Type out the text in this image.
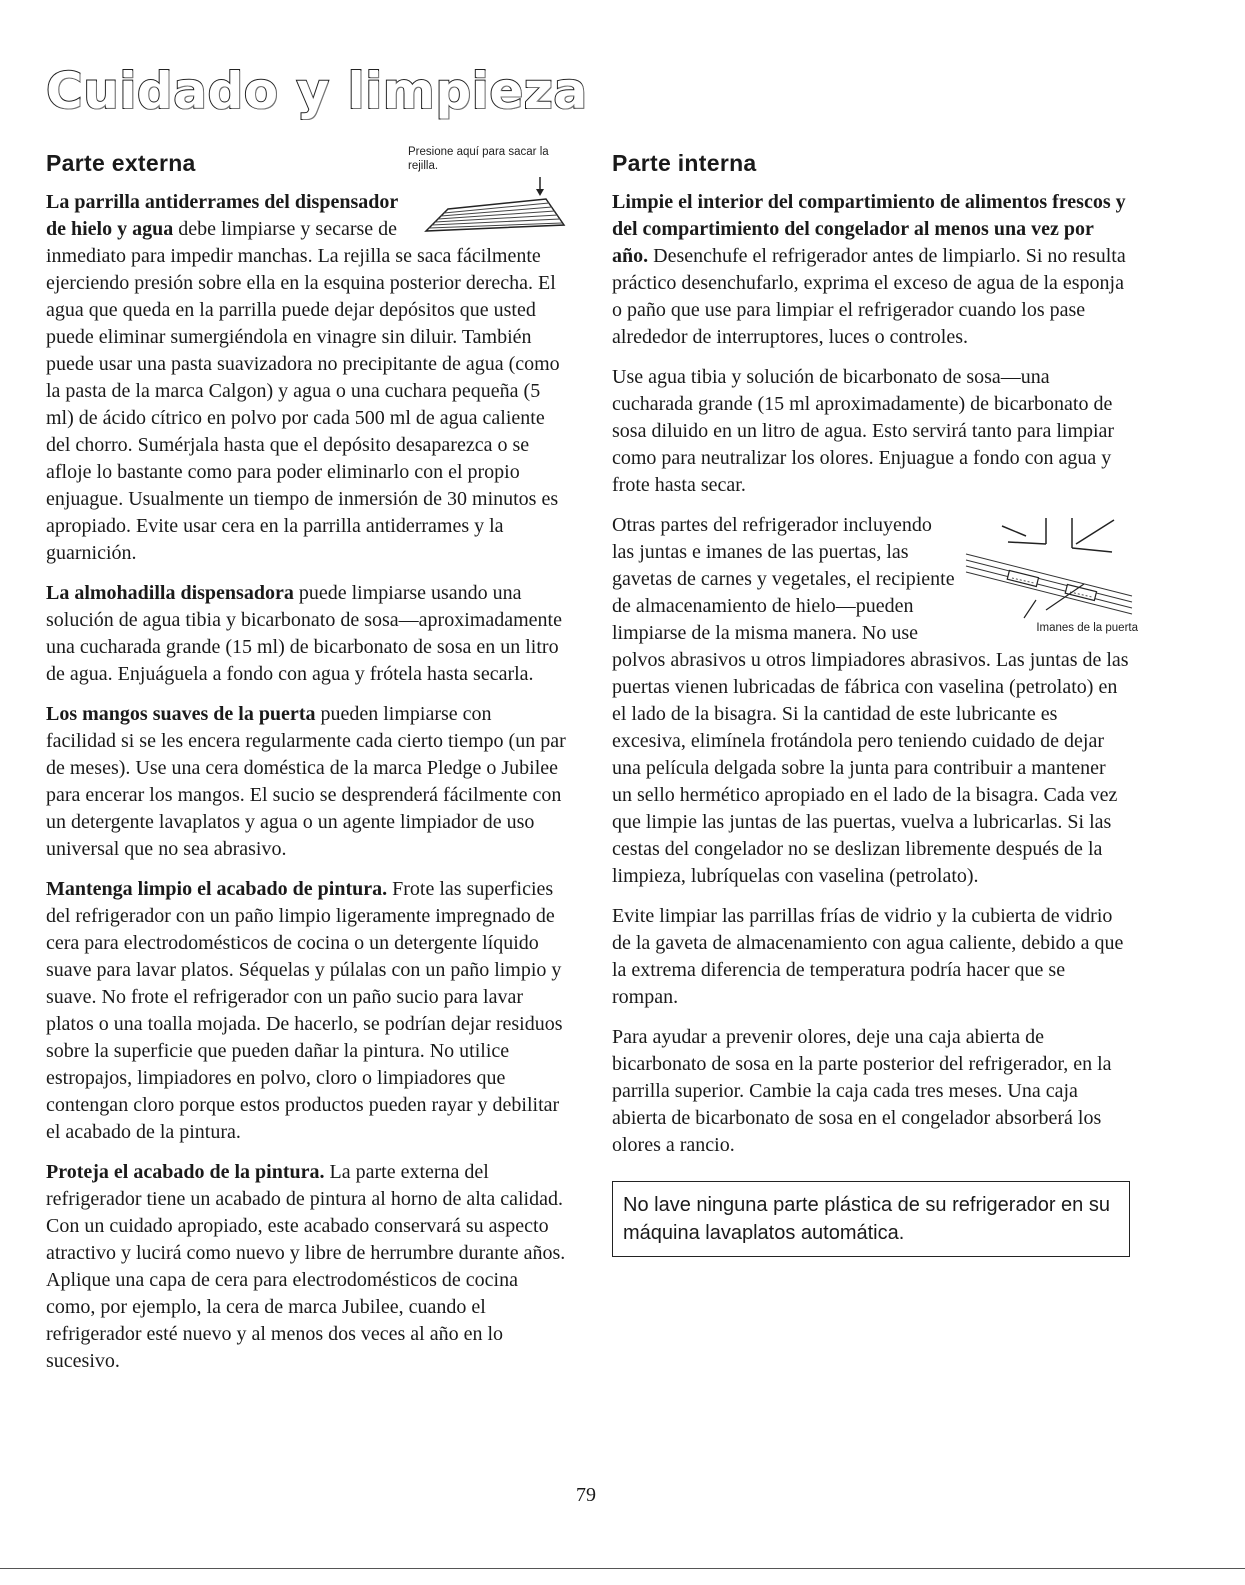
Cuidado y limpieza
Parte externa	Presione aquí para sacar la rejilla.

La parrilla antiderrames del dispensador de hielo y agua debe limpiarse y secarse de inmediato para impedir manchas. La rejilla se saca fácilmente ejerciendo presión sobre ella en la esquina posterior derecha. El agua que queda en la parrilla puede dejar depósitos que usted puede eliminar sumergiéndola en vinagre sin diluir. También puede usar una pasta suavizadora no precipitante de agua (como la pasta de la marca Calgon) y agua o una cuchara pequeña (5 ml) de ácido cítrico en polvo por cada 500 ml de agua caliente del chorro. Sumérjala hasta que el depósito desaparezca o se afloje lo bastante como para poder eliminarlo con el propio enjuague. Usualmente un tiempo de inmersión de 30 minutos es apropiado. Evite usar cera en la parrilla antiderrames y la guarnición.

La almohadilla dispensadora puede limpiarse usando una solución de agua tibia y bicarbonato de sosa—aproximadamente una cucharada grande (15 ml) de bicarbonato de sosa en un litro de agua. Enjuáguela a fondo con agua y frótela hasta secarla.

Los mangos suaves de la puerta pueden limpiarse con facilidad si se les encera regularmente cada cierto tiempo (un par de meses). Use una cera doméstica de la marca Pledge o Jubilee para encerar los mangos. El sucio se desprenderá fácilmente con un detergente lavaplatos y agua o un agente limpiador de uso universal que no sea abrasivo.

Mantenga limpio el acabado de pintura. Frote las superficies del refrigerador con un paño limpio ligeramente impregnado de cera para electrodomésticos de cocina o un detergente líquido suave para lavar platos. Séquelas y púlalas con un paño limpio y suave. No frote el refrigerador con un paño sucio para lavar platos o una toalla mojada. De hacerlo, se podrían dejar residuos sobre la superficie que pueden dañar la pintura. No utilice estropajos, limpiadores en polvo, cloro o limpiadores que contengan cloro porque estos productos pueden rayar y debilitar el acabado de la pintura.

Proteja el acabado de la pintura. La parte externa del refrigerador tiene un acabado de pintura al horno de alta calidad. Con un cuidado apropiado, este acabado conservará su aspecto atractivo y lucirá como nuevo y libre de herrumbre durante años. Aplique una capa de cera para electrodomésticos de cocina como, por ejemplo, la cera de marca Jubilee, cuando el refrigerador esté nuevo y al menos dos veces al año en lo sucesivo.

Parte interna

Limpie el interior del compartimiento de alimentos frescos y del compartimiento del congelador al menos una vez por año. Desenchufe el refrigerador antes de limpiarlo. Si no resulta práctico desenchufarlo, exprima el exceso de agua de la esponja o paño que use para limpiar el refrigerador cuando los pase alrededor de interruptores, luces o controles.

Use agua tibia y solución de bicarbonato de sosa—una cucharada grande (15 ml aproximadamente) de bicarbonato de sosa diluido en un litro de agua. Esto servirá tanto para limpiar como para neutralizar los olores. Enjuague a fondo con agua y frote hasta secar.

Imanes de la puerta

Otras partes del refrigerador incluyendo las juntas e imanes de las puertas, las gavetas de carnes y vegetales, el recipiente de almacenamiento de hielo—pueden limpiarse de la misma manera. No use polvos abrasivos u otros limpiadores abrasivos. Las juntas de las puertas vienen lubricadas de fábrica con vaselina (petrolato) en el lado de la bisagra. Si la cantidad de este lubricante es excesiva, elimínela frotándola pero teniendo cuidado de dejar una película delgada sobre la junta para contribuir a mantener un sello hermético apropiado en el lado de la bisagra. Cada vez que limpie las juntas de las puertas, vuelva a lubricarlas. Si las cestas del congelador no se deslizan libremente después de la limpieza, lubríquelas con vaselina (petrolato).

Evite limpiar las parrillas frías de vidrio y la cubierta de vidrio de la gaveta de almacenamiento con agua caliente, debido a que la extrema diferencia de temperatura podría hacer que se rompan.

Para ayudar a prevenir olores, deje una caja abierta de bicarbonato de sosa en la parte posterior del refrigerador, en la parrilla superior. Cambie la caja cada tres meses. Una caja abierta de bicarbonato de sosa en el congelador absorberá los olores a rancio.

No lave ninguna parte plástica de su refrigerador en su máquina lavaplatos automática.
79
